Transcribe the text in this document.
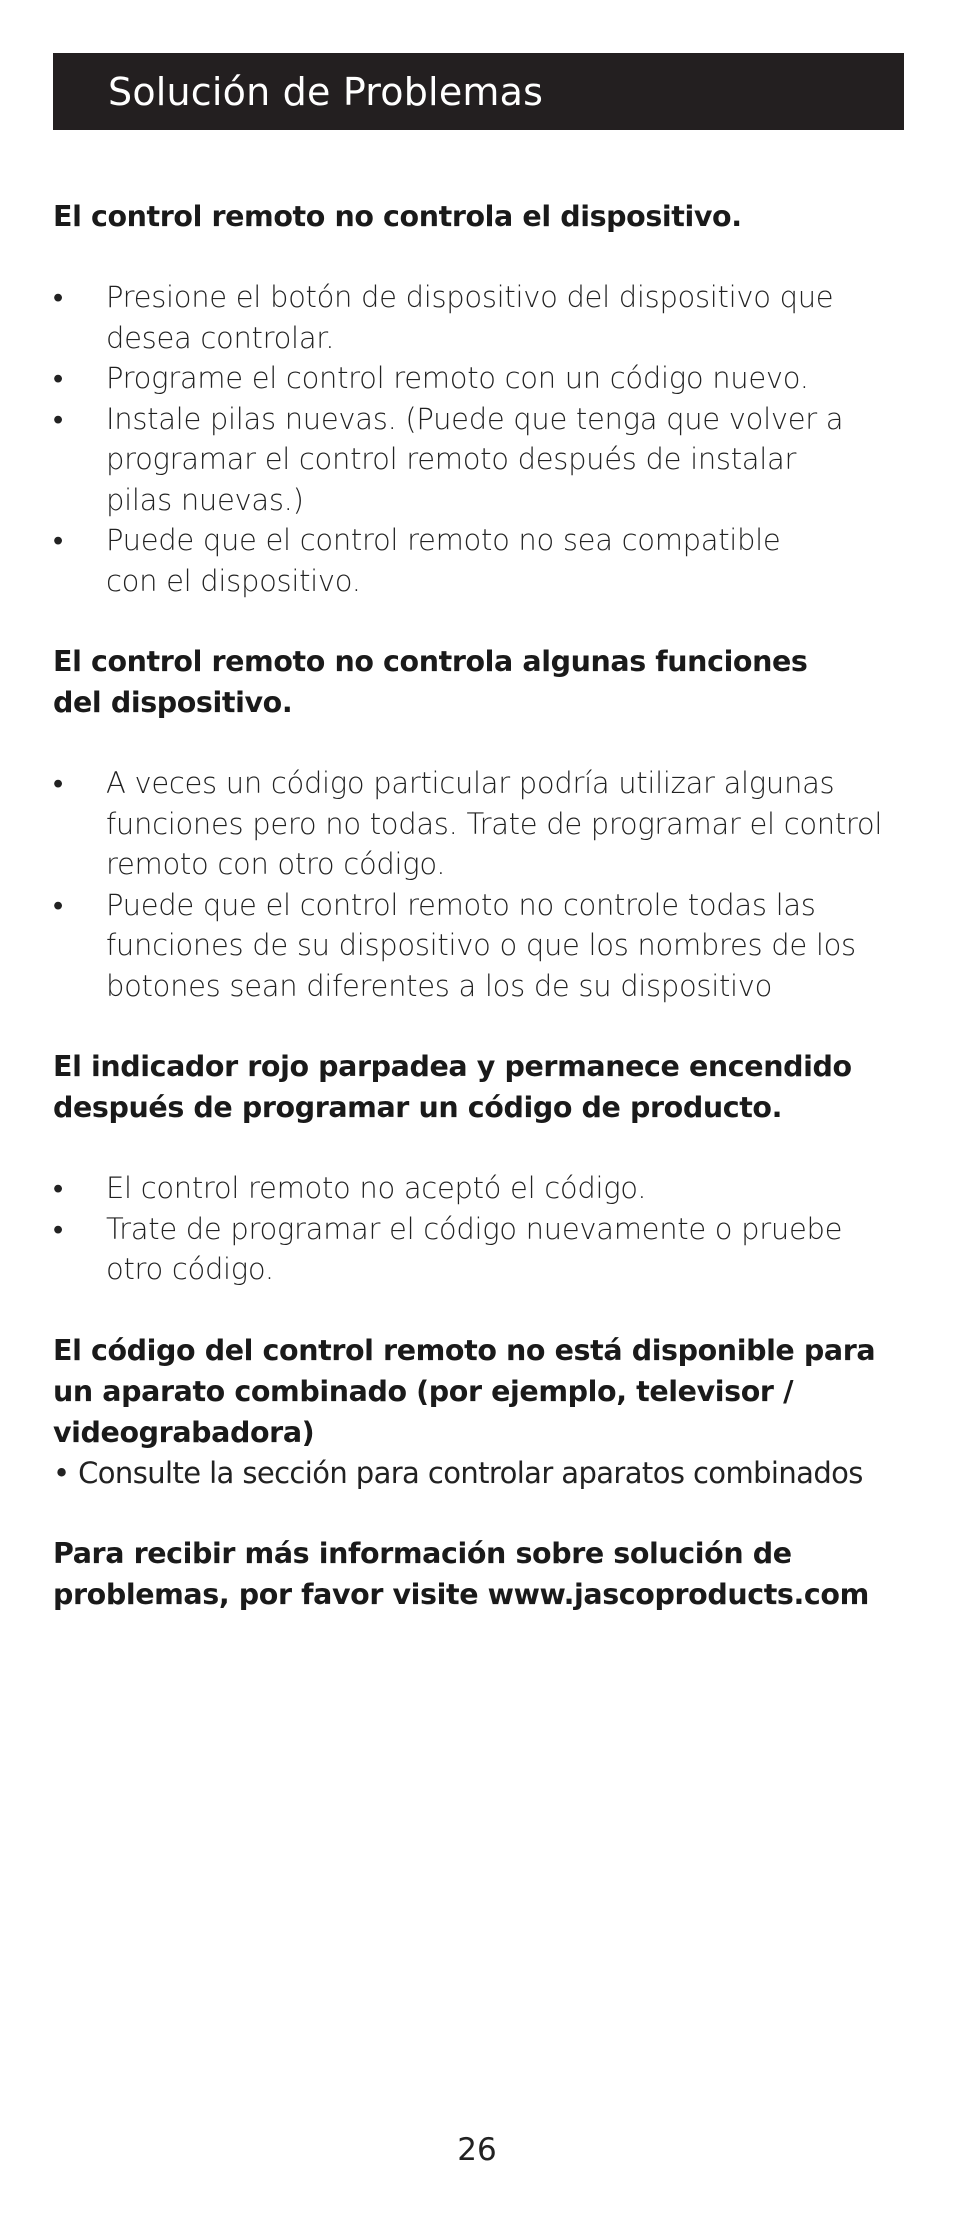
Solución de Problemas
El control remoto no controla el dispositivo.
•	Presione el botón de dispositivo del dispositivo que
desea controlar.
•	Programe el control remoto con un código nuevo.
•	Instale pilas nuevas. (Puede que tenga que volver a
programar el control remoto después de instalar
pilas nuevas.)
•	Puede que el control remoto no sea compatible
con el dispositivo.
El control remoto no controla algunas funciones
del dispositivo.
•	A veces un código particular podría utilizar algunas
funciones pero no todas. Trate de programar el control
remoto con otro código.
•	Puede que el control remoto no controle todas las
funciones de su dispositivo o que los nombres de los
botones sean diferentes a los de su dispositivo
El indicador rojo parpadea y permanece encendido
después de programar un código de producto.
•	El control remoto no aceptó el código.
•	Trate de programar el código nuevamente o pruebe
otro código.
El código del control remoto no está disponible para
un aparato combinado (por ejemplo, televisor /
videograbadora)
• Consulte la sección para controlar aparatos combinados
Para recibir más información sobre solución de
problemas, por favor visite www.jascoproducts.com
26
